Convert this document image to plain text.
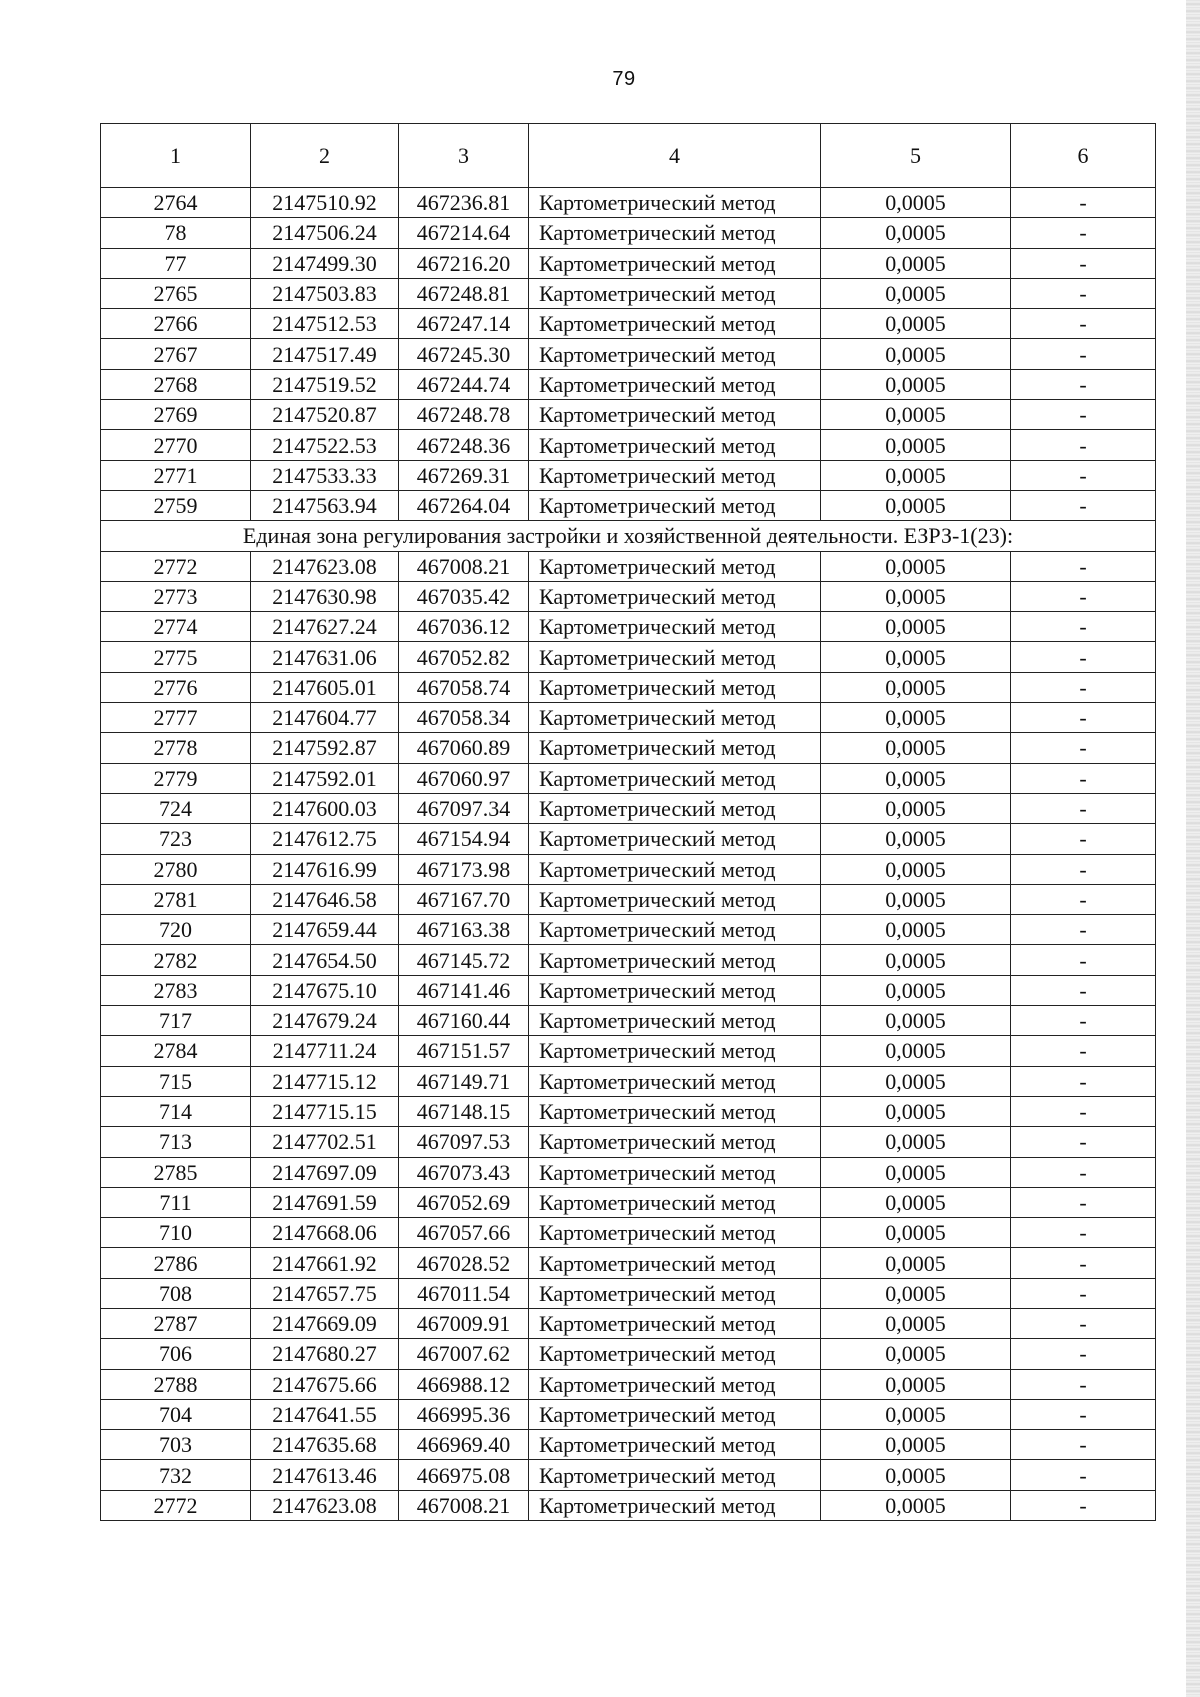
79
1	2	3	4	5	6
2764	2147510.92	467236.81	Картометрический метод	0,0005	-
78	2147506.24	467214.64	Картометрический метод	0,0005	-
77	2147499.30	467216.20	Картометрический метод	0,0005	-
2765	2147503.83	467248.81	Картометрический метод	0,0005	-
2766	2147512.53	467247.14	Картометрический метод	0,0005	-
2767	2147517.49	467245.30	Картометрический метод	0,0005	-
2768	2147519.52	467244.74	Картометрический метод	0,0005	-
2769	2147520.87	467248.78	Картометрический метод	0,0005	-
2770	2147522.53	467248.36	Картометрический метод	0,0005	-
2771	2147533.33	467269.31	Картометрический метод	0,0005	-
2759	2147563.94	467264.04	Картометрический метод	0,0005	-
Единая зона регулирования застройки и хозяйственной деятельности. ЕЗРЗ-1(23):					
2772	2147623.08	467008.21	Картометрический метод	0,0005	-
2773	2147630.98	467035.42	Картометрический метод	0,0005	-
2774	2147627.24	467036.12	Картометрический метод	0,0005	-
2775	2147631.06	467052.82	Картометрический метод	0,0005	-
2776	2147605.01	467058.74	Картометрический метод	0,0005	-
2777	2147604.77	467058.34	Картометрический метод	0,0005	-
2778	2147592.87	467060.89	Картометрический метод	0,0005	-
2779	2147592.01	467060.97	Картометрический метод	0,0005	-
724	2147600.03	467097.34	Картометрический метод	0,0005	-
723	2147612.75	467154.94	Картометрический метод	0,0005	-
2780	2147616.99	467173.98	Картометрический метод	0,0005	-
2781	2147646.58	467167.70	Картометрический метод	0,0005	-
720	2147659.44	467163.38	Картометрический метод	0,0005	-
2782	2147654.50	467145.72	Картометрический метод	0,0005	-
2783	2147675.10	467141.46	Картометрический метод	0,0005	-
717	2147679.24	467160.44	Картометрический метод	0,0005	-
2784	2147711.24	467151.57	Картометрический метод	0,0005	-
715	2147715.12	467149.71	Картометрический метод	0,0005	-
714	2147715.15	467148.15	Картометрический метод	0,0005	-
713	2147702.51	467097.53	Картометрический метод	0,0005	-
2785	2147697.09	467073.43	Картометрический метод	0,0005	-
711	2147691.59	467052.69	Картометрический метод	0,0005	-
710	2147668.06	467057.66	Картометрический метод	0,0005	-
2786	2147661.92	467028.52	Картометрический метод	0,0005	-
708	2147657.75	467011.54	Картометрический метод	0,0005	-
2787	2147669.09	467009.91	Картометрический метод	0,0005	-
706	2147680.27	467007.62	Картометрический метод	0,0005	-
2788	2147675.66	466988.12	Картометрический метод	0,0005	-
704	2147641.55	466995.36	Картометрический метод	0,0005	-
703	2147635.68	466969.40	Картометрический метод	0,0005	-
732	2147613.46	466975.08	Картометрический метод	0,0005	-
2772	2147623.08	467008.21	Картометрический метод	0,0005	-
